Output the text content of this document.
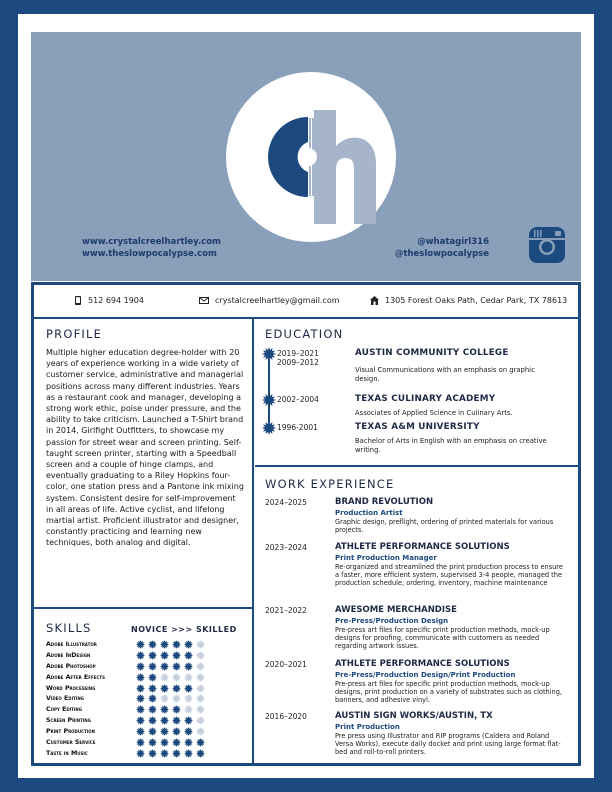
www.crystalcreelhartley.com
www.theslowpocalypse.com
@whatagirl316
@theslowpocalypse
512 694 1904	crystalcreelhartley@gmail.com	1305 Forest Oaks Path, Cedar Park, TX 78613
PROFILE

Multiple higher education degree-holder with 20 years of experience working in a wide variety of customer service, administrative and managerial positions across many different industries. Years as a restaurant cook and manager, developing a strong work ethic, poise under pressure, and the ability to take criticism. Launched a T-Shirt brand in 2014, Girlfight Outfitters, to showcase my passion for street wear and screen printing. Self-taught screen printer, starting with a Speedball screen and a couple of hinge clamps, and eventually graduating to a Riley Hopkins four-color, one station press and a Pantone ink mixing system. Consistent desire for self-improvement in all areas of life. Active cyclist, and lifelong martial artist. Proficient illustrator and designer, constantly practicing and learning new techniques, both analog and digital.

SKILLS	NOVICE >>> SKILLED
Adobe Illustrator
Adobe InDesign
Adobe Photoshop
Adobe After Effects
Word Processing
Video Editing
Copy Editing
Screen Printing
Print Production
Customer Service
Taste in Music
EDUCATION
2019–2021
2009–2012
AUSTIN COMMUNITY COLLEGE
Visual Communications with an emphasis on graphic design.
2002–2004	TEXAS CULINARY ACADEMY
Associates of Applied Science in Culinary Arts.
1996-2001	TEXAS A&M UNIVERSITY
Bachelor of Arts in English with an emphasis on creative writing.
WORK EXPERIENCE
2024–2025	BRAND REVOLUTION
Production Artist
Graphic design, preflight, ordering of printed materials for various projects.
2023–2024	ATHLETE PERFORMANCE SOLUTIONS
Print Production Manager
Re-organized and streamlined the print production process to ensure a faster, more efficient system, supervised 3-4 people, managed the production schedule, ordering, inventory, machine maintenance
2021–2022	AWESOME MERCHANDISE
Pre-Press/Production Design
Pre-press art files for specific print production methods, mock-up designs for proofing, communicate with customers as needed regarding artwork issues.
2020–2021	ATHLETE PERFORMANCE SOLUTIONS
Pre-Press/Production Design/Print Production
Pre-press art files for specific print production methods, mock-up designs, print production on a variety of substrates such as clothing, banners, and adhesive vinyl.
2016–2020	AUSTIN SIGN WORKS/AUSTIN, TX
Print Production
Pre press using Illustrator and RIP programs (Caldera and Roland Versa Works), execute daily docket and print using large format flat-bed and roll-to-roll printers.
